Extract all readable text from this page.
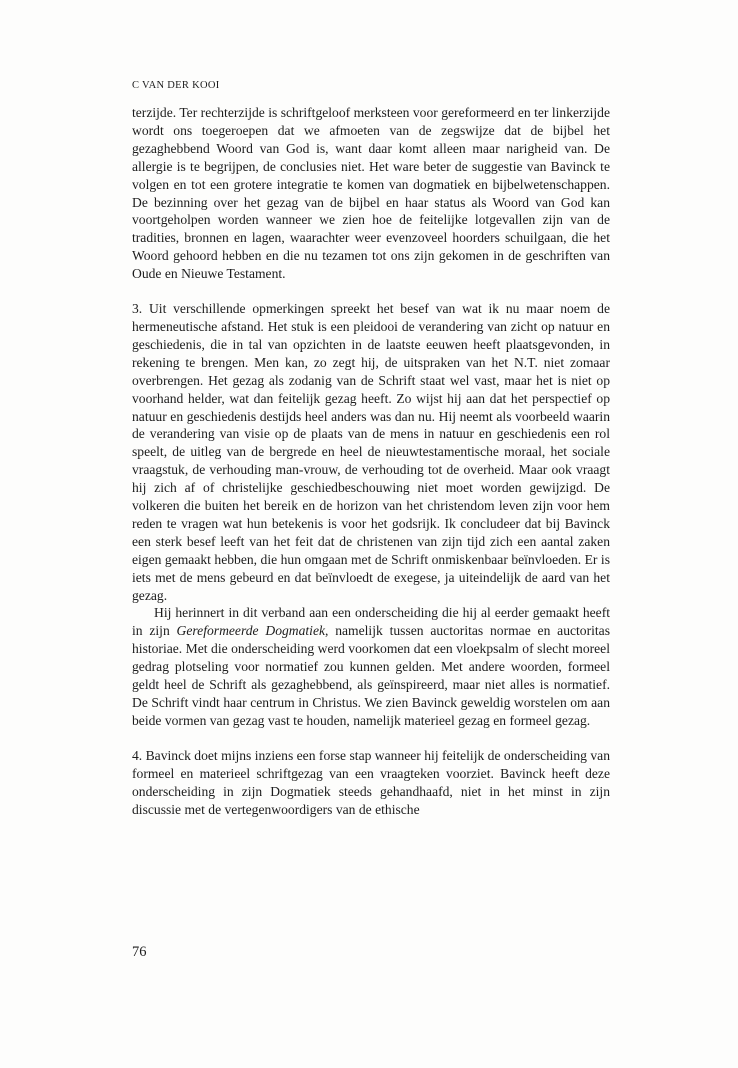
C VAN DER KOOI

terzijde. Ter rechterzijde is schriftgeloof merksteen voor gereformeerd en ter linkerzijde wordt ons toegeroepen dat we afmoeten van de zegswijze dat de bijbel het gezaghebbend Woord van God is, want daar komt alleen maar narigheid van. De allergie is te begrijpen, de conclusies niet. Het ware beter de suggestie van Bavinck te volgen en tot een grotere integratie te komen van dogmatiek en bijbelwetenschappen. De bezinning over het gezag van de bijbel en haar status als Woord van God kan voortgeholpen worden wanneer we zien hoe de feitelijke lotgevallen zijn van de tradities, bronnen en lagen, waarachter weer evenzoveel hoorders schuilgaan, die het Woord gehoord hebben en die nu tezamen tot ons zijn gekomen in de geschriften van Oude en Nieuwe Testament.

3. Uit verschillende opmerkingen spreekt het besef van wat ik nu maar noem de hermeneutische afstand. Het stuk is een pleidooi de verandering van zicht op natuur en geschiedenis, die in tal van opzichten in de laatste eeuwen heeft plaatsgevonden, in rekening te brengen. Men kan, zo zegt hij, de uitspraken van het N.T. niet zomaar overbrengen. Het gezag als zodanig van de Schrift staat wel vast, maar het is niet op voorhand helder, wat dan feitelijk gezag heeft. Zo wijst hij aan dat het perspectief op natuur en geschiedenis destijds heel anders was dan nu. Hij neemt als voorbeeld waarin de verandering van visie op de plaats van de mens in natuur en geschiedenis een rol speelt, de uitleg van de bergrede en heel de nieuwtestamentische moraal, het sociale vraagstuk, de verhouding man-vrouw, de verhouding tot de overheid. Maar ook vraagt hij zich af of christelijke geschiedbeschouwing niet moet worden gewijzigd. De volkeren die buiten het bereik en de horizon van het christendom leven zijn voor hem reden te vragen wat hun betekenis is voor het godsrijk. Ik concludeer dat bij Bavinck een sterk besef leeft van het feit dat de christenen van zijn tijd zich een aantal zaken eigen gemaakt hebben, die hun omgaan met de Schrift onmiskenbaar beïnvloeden. Er is iets met de mens gebeurd en dat beïnvloedt de exegese, ja uiteindelijk de aard van het gezag.

Hij herinnert in dit verband aan een onderscheiding die hij al eerder gemaakt heeft in zijn Gereformeerde Dogmatiek, namelijk tussen auctoritas normae en auctoritas historiae. Met die onderscheiding werd voorkomen dat een vloekpsalm of slecht moreel gedrag plotseling voor normatief zou kunnen gelden. Met andere woorden, formeel geldt heel de Schrift als gezaghebbend, als geïnspireerd, maar niet alles is normatief. De Schrift vindt haar centrum in Christus. We zien Bavinck geweldig worstelen om aan beide vormen van gezag vast te houden, namelijk materieel gezag en formeel gezag.

4. Bavinck doet mijns inziens een forse stap wanneer hij feitelijk de onderscheiding van formeel en materieel schriftgezag van een vraagteken voorziet. Bavinck heeft deze onderscheiding in zijn Dogmatiek steeds gehandhaafd, niet in het minst in zijn discussie met de vertegenwoordigers van de ethische

76
